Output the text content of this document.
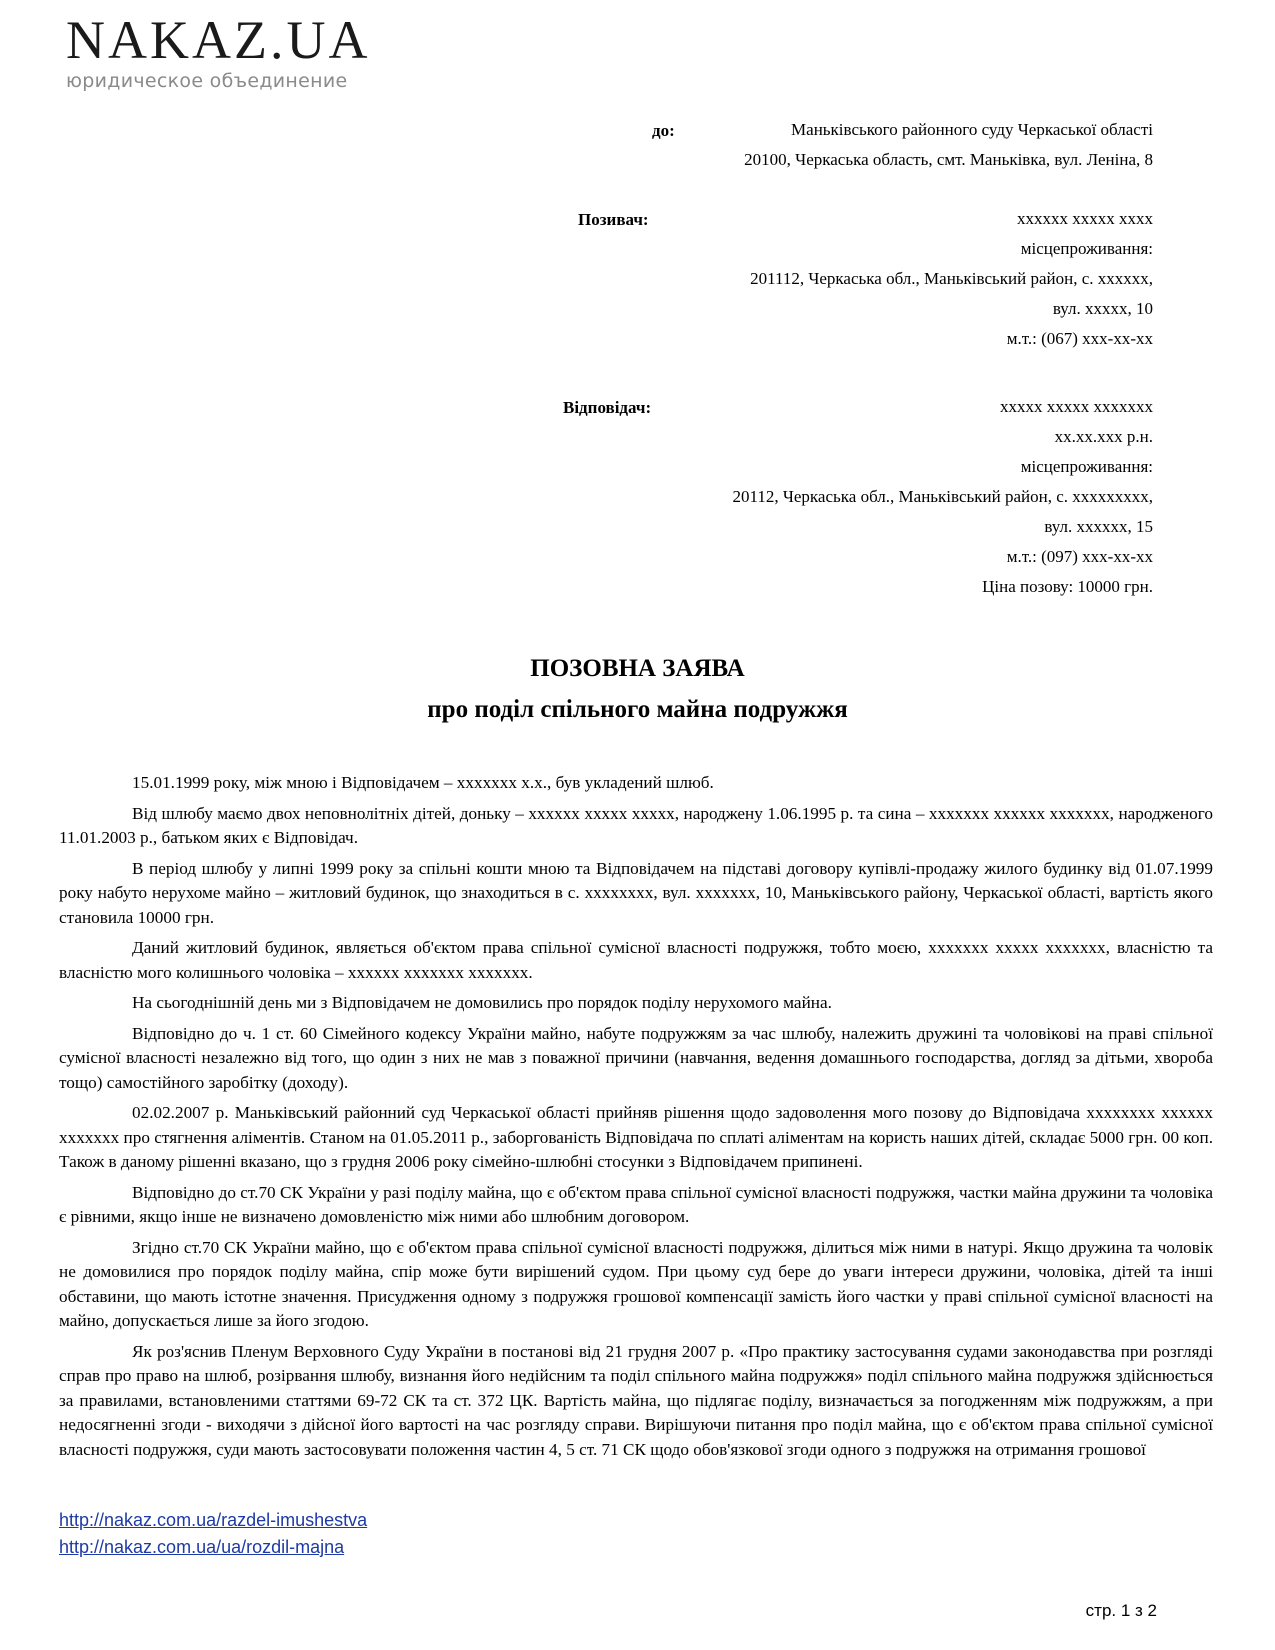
NAKAZ.UA
юридическое объединение
до:	Маньківського районного суду Черкаської області
20100, Черкаська область, смт. Маньківка, вул. Леніна, 8
Позивач:	xxxxxx xxxxx xxxx
місцепроживання:
201112, Черкаська обл., Маньківський район, с. xxxxxx,
вул. xxxxx, 10
м.т.: (067) xxx-xx-xx
Відповідач:	xxxxx xxxxx xxxxxxx
xx.xx.xxx р.н.
місцепроживання:
20112, Черкаська обл., Маньківський район, с. xxxxxxxxx,
вул. xxxxxx, 15
м.т.: (097) xxx-xx-xx
Ціна позову: 10000 грн.
ПОЗОВНА ЗАЯВА
про поділ спільного майна подружжя

15.01.1999 року, між мною і Відповідачем – xxxxxxx x.x., був укладений шлюб.

Від шлюбу маємо двох неповнолітніх дітей, доньку – xxxxxx xxxxx xxxxx, народжену 1.06.1995 р. та сина – xxxxxxx xxxxxx xxxxxxx, народженого 11.01.2003 р., батьком яких є Відповідач.

В період шлюбу у липні 1999 року за спільні кошти мною та Відповідачем на підставі договору купівлі-продажу жилого будинку від 01.07.1999 року набуто нерухоме майно – житловий будинок, що знаходиться в с. xxxxxxxx, вул. xxxxxxx, 10, Маньківського району, Черкаської області, вартість якого становила 10000 грн.

Даний житловий будинок, являється об'єктом права спільної сумісної власності подружжя, тобто моєю, xxxxxxx xxxxx xxxxxxx, власністю та власністю мого колишнього чоловіка – xxxxxx xxxxxxx xxxxxxx.

На сьогоднішній день ми з Відповідачем не домовились про порядок поділу нерухомого майна.

Відповідно до ч. 1 ст. 60 Сімейного кодексу України майно, набуте подружжям за час шлюбу, належить дружині та чоловікові на праві спільної сумісної власності незалежно від того, що один з них не мав з поважної причини (навчання, ведення домашнього господарства, догляд за дітьми, хвороба тощо) самостійного заробітку (доходу).

02.02.2007 р. Маньківський районний суд Черкаської області прийняв рішення щодо задоволення мого позову до Відповідача xxxxxxxx xxxxxx xxxxxxx про стягнення аліментів. Станом на 01.05.2011 р., заборгованість Відповідача по сплаті аліментам на користь наших дітей, складає 5000 грн. 00 коп. Також в даному рішенні вказано, що з грудня 2006 року сімейно-шлюбні стосунки з Відповідачем припинені.

Відповідно до ст.70 СК України у разі поділу майна, що є об'єктом права спільної сумісної власності подружжя, частки майна дружини та чоловіка є рівними, якщо інше не визначено домовленістю між ними або шлюбним договором.

Згідно ст.70 СК України майно, що є об'єктом права спільної сумісної власності подружжя, ділиться між ними в натурі. Якщо дружина та чоловік не домовилися про порядок поділу майна, спір може бути вирішений судом. При цьому суд бере до уваги інтереси дружини, чоловіка, дітей та інші обставини, що мають істотне значення. Присудження одному з подружжя грошової компенсації замість його частки у праві спільної сумісної власності на майно, допускається лише за його згодою.

Як роз'яснив Пленум Верховного Суду України в постанові від 21 грудня 2007 р. «Про практику застосування судами законодавства при розгляді справ про право на шлюб, розірвання шлюбу, визнання його недійсним та поділ спільного майна подружжя» поділ спільного майна подружжя здійснюється за правилами, встановленими статтями 69-72 СК та ст. 372 ЦК. Вартість майна, що підлягає поділу, визначається за погодженням між подружжям, а при недосягненні згоди - виходячи з дійсної його вартості на час розгляду справи. Вирішуючи питання про поділ майна, що є об'єктом права спільної сумісної власності подружжя, суди мають застосовувати положення частин 4, 5 ст. 71 СК щодо обов'язкової згоди одного з подружжя на отримання грошової

http://nakaz.com.ua/razdel-imushestva
http://nakaz.com.ua/ua/rozdil-majna
стр. 1 з 2
